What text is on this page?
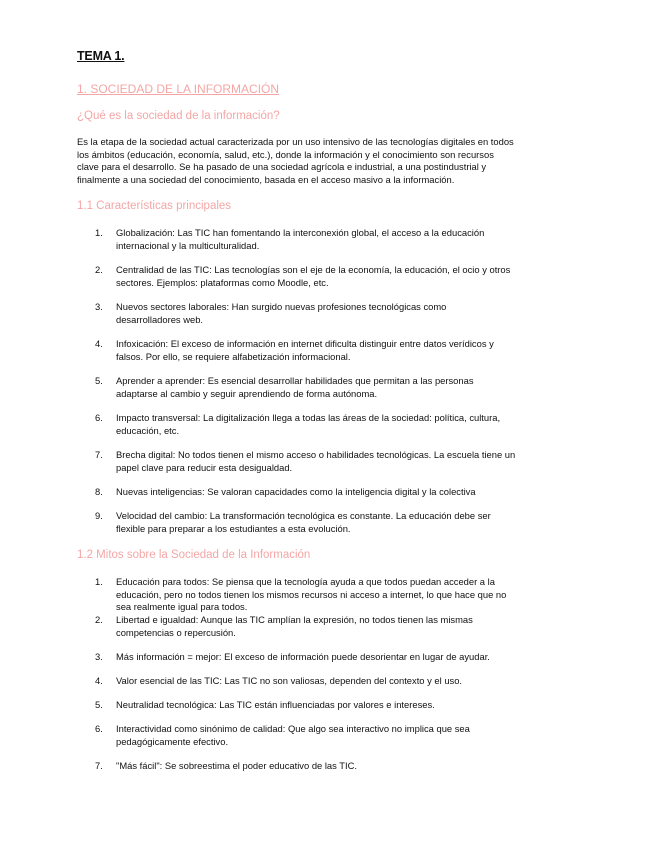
TEMA 1.
1. SOCIEDAD DE LA INFORMACIÓN
¿Qué es la sociedad de la información?
Es la etapa de la sociedad actual caracterizada por un uso intensivo de las tecnologías digitales en todos
los ámbitos (educación, economía, salud, etc.), donde la información y el conocimiento son recursos
clave para el desarrollo. Se ha pasado de una sociedad agrícola e industrial, a una postindustrial y
finalmente a una sociedad del conocimiento, basada en el acceso masivo a la información.
1.1 Características principales
1.	Globalización: Las TIC han fomentando la interconexión global, el acceso a la educación
internacional y la multiculturalidad.
2.	Centralidad de las TIC: Las tecnologías son el eje de la economía, la educación, el ocio y otros
sectores. Ejemplos: plataformas como Moodle, etc.
3.	Nuevos sectores laborales: Han surgido nuevas profesiones tecnológicas como
desarrolladores web.
4.	Infoxicación: El exceso de información en internet dificulta distinguir entre datos verídicos y
falsos. Por ello, se requiere alfabetización informacional.
5.	Aprender a aprender: Es esencial desarrollar habilidades que permitan a las personas
adaptarse al cambio y seguir aprendiendo de forma autónoma.
6.	Impacto transversal: La digitalización llega a todas las áreas de la sociedad: política, cultura,
educación, etc.
7.	Brecha digital: No todos tienen el mismo acceso o habilidades tecnológicas. La escuela tiene un
papel clave para reducir esta desigualdad.
8.	Nuevas inteligencias: Se valoran capacidades como la inteligencia digital y la colectiva
9.	Velocidad del cambio: La transformación tecnológica es constante. La educación debe ser
flexible para preparar a los estudiantes a esta evolución.
1.2 Mitos sobre la Sociedad de la Información
1.	Educación para todos: Se piensa que la tecnología ayuda a que todos puedan acceder a la
educación, pero no todos tienen los mismos recursos ni acceso a internet, lo que hace que no
sea realmente igual para todos.
2.	Libertad e igualdad: Aunque las TIC amplían la expresión, no todos tienen las mismas
competencias o repercusión.
3.	Más información = mejor: El exceso de información puede desorientar en lugar de ayudar.
4.	Valor esencial de las TIC: Las TIC no son valiosas, dependen del contexto y el uso.
5.	Neutralidad tecnológica: Las TIC están influenciadas por valores e intereses.
6.	Interactividad como sinónimo de calidad: Que algo sea interactivo no implica que sea
pedagógicamente efectivo.
7.	"Más fácil": Se sobreestima el poder educativo de las TIC.
